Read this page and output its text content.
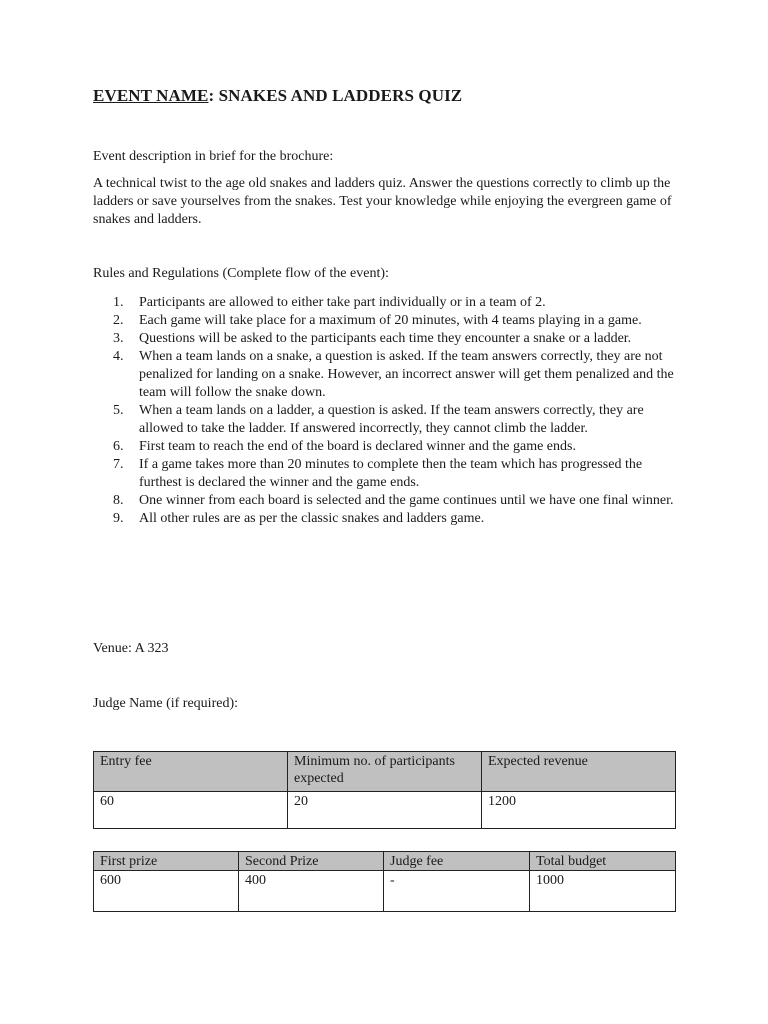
EVENT NAME: SNAKES AND LADDERS QUIZ

Event description in brief for the brochure:

A technical twist to the age old snakes and ladders quiz. Answer the questions correctly to climb up the ladders or save yourselves from the snakes. Test your knowledge while enjoying the evergreen game of snakes and ladders.

Rules and Regulations (Complete flow of the event):

1. Participants are allowed to either take part individually or in a team of 2.
2. Each game will take place for a maximum of 20 minutes, with 4 teams playing in a game.
3. Questions will be asked to the participants each time they encounter a snake or a ladder.
4. When a team lands on a snake, a question is asked. If the team answers correctly, they are not penalized for landing on a snake. However, an incorrect answer will get them penalized and the team will follow the snake down.
5. When a team lands on a ladder, a question is asked. If the team answers correctly, they are allowed to take the ladder. If answered incorrectly, they cannot climb the ladder.
6. First team to reach the end of the board is declared winner and the game ends.
7. If a game takes more than 20 minutes to complete then the team which has progressed the furthest is declared the winner and the game ends.
8. One winner from each board is selected and the game continues until we have one final winner.
9. All other rules are as per the classic snakes and ladders game.

Venue: A 323

Judge Name (if required):

Entry fee	Minimum no. of participants expected	Expected revenue
60	20	1200
First prize	Second Prize	Judge fee	Total budget
600	400	-	1000
